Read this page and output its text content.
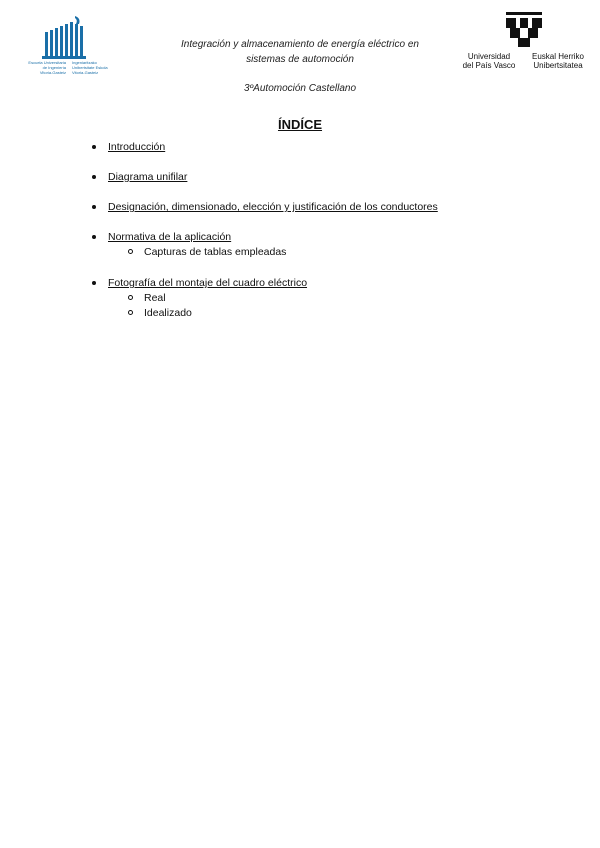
Escuela Universitaria
de Ingeniería
Vitoria-Gasteiz
Ingeniaritzako
Unibertsitate Eskola
Vitoria-Gasteiz
Integración y almacenamiento de energía eléctrico en
sistemas de automoción
3ºAutomoción Castellano
Universidad
del País Vasco
Euskal Herriko
Unibertsitatea
ÍNDÍCE
Introducción
Diagrama unifilar
Designación, dimensionado, elección y justificación de los conductores
Normativa de la aplicación
Capturas de tablas empleadas
Fotografía del montaje del cuadro eléctrico
Real
Idealizado
